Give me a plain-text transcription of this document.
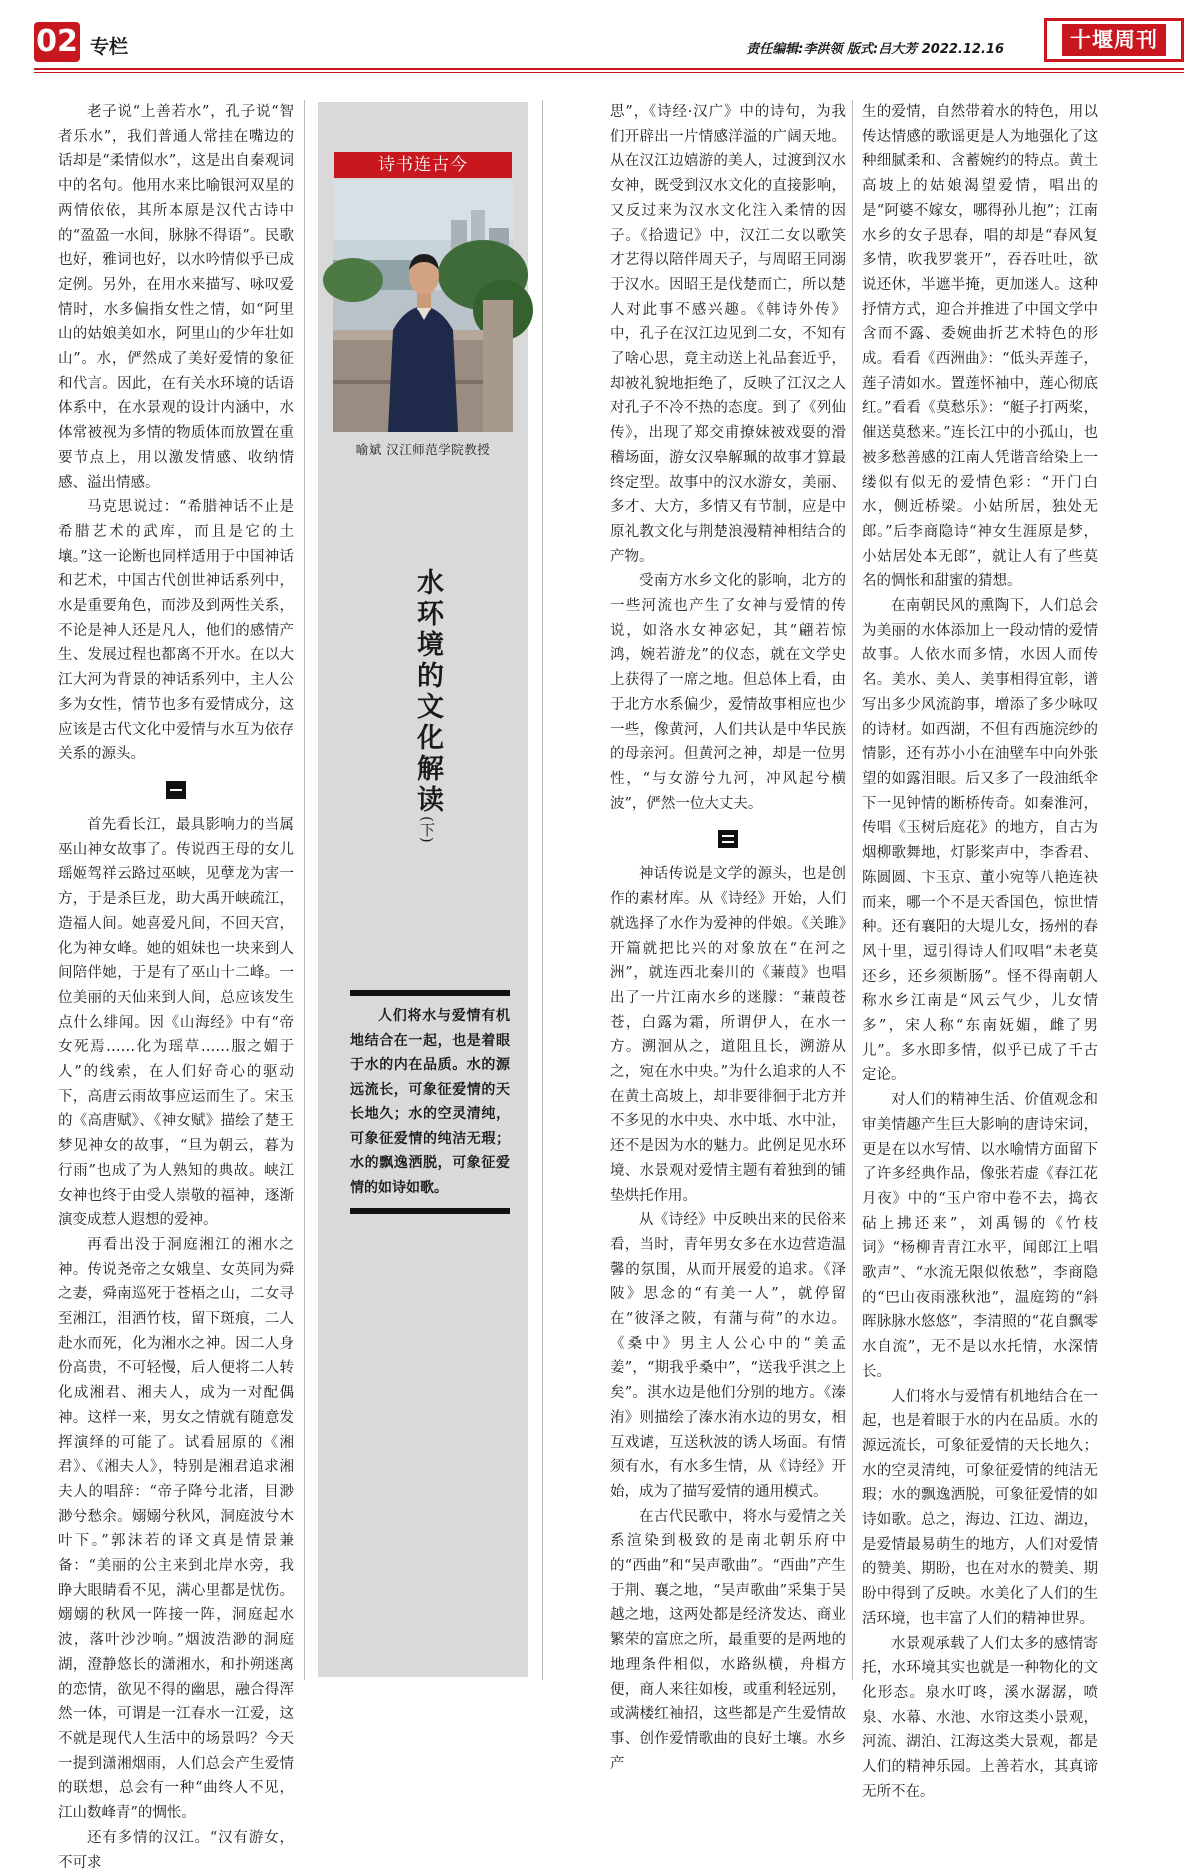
02 专栏	责任编辑:李洪领 版式:吕大芳 2022.12.16	十堰周刊

老子说“上善若水”，孔子说“智者乐水”，我们普通人常挂在嘴边的话却是“柔情似水”，这是出自秦观词中的名句。他用水来比喻银河双星的两情依依，其所本原是汉代古诗中的“盈盈一水间，脉脉不得语”。民歌也好，雅词也好，以水吟情似乎已成定例。另外，在用水来描写、咏叹爱情时，水多偏指女性之情，如“阿里山的姑娘美如水，阿里山的少年壮如山”。水，俨然成了美好爱情的象征和代言。因此，在有关水环境的话语体系中，在水景观的设计内涵中，水体常被视为多情的物质体而放置在重要节点上，用以激发情感、收纳情感、溢出情感。

马克思说过：“希腊神话不止是希腊艺术的武库，而且是它的土壤。”这一论断也同样适用于中国神话和艺术，中国古代创世神话系列中，水是重要角色，而涉及到两性关系，不论是神人还是凡人，他们的感情产生、发展过程也都离不开水。在以大江大河为背景的神话系列中，主人公多为女性，情节也多有爱情成分，这应该是古代文化中爱情与水互为依存关系的源头。

首先看长江，最具影响力的当属巫山神女故事了。传说西王母的女儿瑶姬驾祥云路过巫峡，见孽龙为害一方，于是杀巨龙，助大禹开峡疏江，造福人间。她喜爱凡间，不回天宫，化为神女峰。她的姐妹也一块来到人间陪伴她，于是有了巫山十二峰。一位美丽的天仙来到人间，总应该发生点什么绯闻。因《山海经》中有“帝女死焉……化为瑶草……服之媚于人”的线索，在人们好奇心的驱动下，高唐云雨故事应运而生了。宋玉的《高唐赋》、《神女赋》描绘了楚王梦见神女的故事，“旦为朝云，暮为行雨”也成了为人熟知的典故。峡江女神也终于由受人崇敬的福神，逐渐演变成惹人遐想的爱神。

再看出没于洞庭湘江的湘水之神。传说尧帝之女娥皇、女英同为舜之妻，舜南巡死于苍梧之山，二女寻至湘江，泪洒竹枝，留下斑痕，二人赴水而死，化为湘水之神。因二人身份高贵，不可轻慢，后人便将二人转化成湘君、湘夫人，成为一对配偶神。这样一来，男女之情就有随意发挥演绎的可能了。试看屈原的《湘君》、《湘夫人》，特别是湘君追求湘夫人的唱辞：“帝子降兮北渚，目渺渺兮愁余。嫋嫋兮秋风，洞庭波兮木叶下。”郭沫若的译文真是情景兼备：“美丽的公主来到北岸水旁，我睁大眼睛看不见，满心里都是忧伤。嫋嫋的秋风一阵接一阵，洞庭起水波，落叶沙沙响。”烟波浩渺的洞庭湖，澄静悠长的潇湘水，和扑朔迷离的恋情，欲见不得的幽思，融合得浑然一体，可谓是一江春水一江爱，这不就是现代人生活中的场景吗？今天一提到潇湘烟雨，人们总会产生爱情的联想，总会有一种“曲终人不见，江山数峰青”的惆怅。

还有多情的汉江。“汉有游女，不可求

诗书连古今
喻斌 汉江师范学院教授
水环境的文化解读(下)

人们将水与爱情有机地结合在一起，也是着眼于水的内在品质。水的源远流长，可象征爱情的天长地久；水的空灵清纯，可象征爱情的纯洁无瑕；水的飘逸洒脱，可象征爱情的如诗如歌。

思”，《诗经·汉广》中的诗句，为我们开辟出一片情感洋溢的广阔天地。从在汉江边嬉游的美人，过渡到汉水女神，既受到汉水文化的直接影响，又反过来为汉水文化注入柔情的因子。《拾遗记》中，汉江二女以歌笑才艺得以陪伴周天子，与周昭王同溺于汉水。因昭王是伐楚而亡，所以楚人对此事不感兴趣。《韩诗外传》中，孔子在汉江边见到二女，不知有了啥心思，竟主动送上礼品套近乎，却被礼貌地拒绝了，反映了江汉之人对孔子不冷不热的态度。到了《列仙传》，出现了郑交甫撩妹被戏耍的滑稽场面，游女汉皋解珮的故事才算最终定型。故事中的汉水游女，美丽、多才、大方，多情又有节制，应是中原礼教文化与荆楚浪漫精神相结合的产物。

受南方水乡文化的影响，北方的一些河流也产生了女神与爱情的传说，如洛水女神宓妃，其“翩若惊鸿，婉若游龙”的仪态，就在文学史上获得了一席之地。但总体上看，由于北方水系偏少，爱情故事相应也少一些，像黄河，人们共认是中华民族的母亲河。但黄河之神，却是一位男性，“与女游兮九河，冲风起兮横波”，俨然一位大丈夫。

神话传说是文学的源头，也是创作的素材库。从《诗经》开始，人们就选择了水作为爱神的伴娘。《关雎》开篇就把比兴的对象放在“在河之洲”，就连西北秦川的《蒹葭》也唱出了一片江南水乡的迷朦：“蒹葭苍苍，白露为霜，所谓伊人，在水一方。溯洄从之，道阻且长，溯游从之，宛在水中央。”为什么追求的人不在黄土高坡上，却非要徘徊于北方并不多见的水中央、水中坻、水中沚，还不是因为水的魅力。此例足见水环境、水景观对爱情主题有着独到的铺垫烘托作用。

从《诗经》中反映出来的民俗来看，当时，青年男女多在水边营造温馨的氛围，从而开展爱的追求。《泽陂》思念的“有美一人”，就停留在“彼泽之陂，有蒲与荷”的水边。《桑中》男主人公心中的“美孟姜”，“期我乎桑中”，“送我乎淇之上矣”。淇水边是他们分别的地方。《溱洧》则描绘了溱水洧水边的男女，相互戏谑，互送秋波的诱人场面。有情须有水，有水多生情，从《诗经》开始，成为了描写爱情的通用模式。

在古代民歌中，将水与爱情之关系渲染到极致的是南北朝乐府中的“西曲”和“吴声歌曲”。“西曲”产生于荆、襄之地，“吴声歌曲”采集于吴越之地，这两处都是经济发达、商业繁荣的富庶之所，最重要的是两地的地理条件相似，水路纵横，舟楫方便，商人来往如梭，或重利轻远别，或满楼红袖招，这些都是产生爱情故事、创作爱情歌曲的良好土壤。水乡产

生的爱情，自然带着水的特色，用以传达情感的歌谣更是人为地强化了这种细腻柔和、含蓄婉约的特点。黄土高坡上的姑娘渴望爱情，唱出的是“阿婆不嫁女，哪得孙儿抱”；江南水乡的女子思春，唱的却是“春风复多情，吹我罗裳开”，吞吞吐吐，欲说还休，半遮半掩，更加迷人。这种抒情方式，迎合并推进了中国文学中含而不露、委婉曲折艺术特色的形成。看看《西洲曲》：“低头弄莲子，莲子清如水。置莲怀袖中，莲心彻底红。”看看《莫愁乐》：“艇子打两桨，催送莫愁来。”连长江中的小孤山，也被多愁善感的江南人凭谐音给染上一缕似有似无的爱情色彩：“开门白水，侧近桥梁。小姑所居，独处无郎。”后李商隐诗“神女生涯原是梦，小姑居处本无郎”，就让人有了些莫名的惆怅和甜蜜的猜想。

在南朝民风的熏陶下，人们总会为美丽的水体添加上一段动情的爱情故事。人依水而多情，水因人而传名。美水、美人、美事相得宜彰，谱写出多少风流韵事，增添了多少咏叹的诗材。如西湖，不但有西施浣纱的情影，还有苏小小在油壁车中向外张望的如露泪眼。后又多了一段油纸伞下一见钟情的断桥传奇。如秦淮河，传唱《玉树后庭花》的地方，自古为烟柳歌舞地，灯影桨声中，李香君、陈圆圆、卞玉京、董小宛等八艳连袂而来，哪一个不是天香国色，惊世情种。还有襄阳的大堤儿女，扬州的春风十里，逗引得诗人们叹唱“未老莫还乡，还乡须断肠”。怪不得南朝人称水乡江南是“风云气少，儿女情多”，宋人称“东南妩媚，雌了男儿”。多水即多情，似乎已成了千古定论。

对人们的精神生活、价值观念和审美情趣产生巨大影响的唐诗宋词，更是在以水写情、以水喻情方面留下了许多经典作品，像张若虚《春江花月夜》中的“玉户帘中卷不去，捣衣砧上拂还来”，刘禹锡的《竹枝词》“杨柳青青江水平，闻郎江上唱歌声”、“水流无限似侬愁”，李商隐的“巴山夜雨涨秋池”，温庭筠的“斜晖脉脉水悠悠”，李清照的“花自飘零水自流”，无不是以水托情，水深情长。

人们将水与爱情有机地结合在一起，也是着眼于水的内在品质。水的源远流长，可象征爱情的天长地久；水的空灵清纯，可象征爱情的纯洁无瑕；水的飘逸洒脱，可象征爱情的如诗如歌。总之，海边、江边、湖边，是爱情最易萌生的地方，人们对爱情的赞美、期盼，也在对水的赞美、期盼中得到了反映。水美化了人们的生活环境，也丰富了人们的精神世界。

水景观承载了人们太多的感情寄托，水环境其实也就是一种物化的文化形态。泉水叮咚，溪水潺潺，喷泉、水幕、水池、水帘这类小景观，河流、湖泊、江海这类大景观，都是人们的精神乐园。上善若水，其真谛无所不在。
